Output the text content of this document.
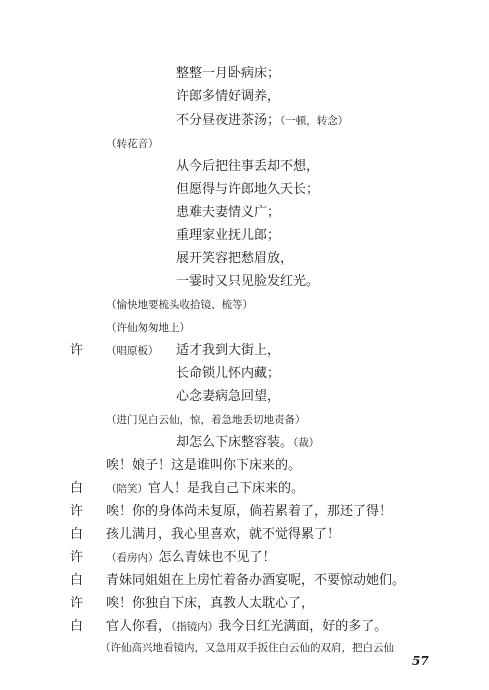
整整一月卧病床；
许郎多情好调养，
不分昼夜进茶汤；（一顿，转念）
（转花音）
从今后把往事丢却不想，
但愿得与许郎地久天长；
患难夫妻情义广；
重理家业抚儿郎；
展开笑容把愁眉放，
一霎时又只见脸发红光。
（愉快地要梳头收拾镜、梳等）
（许仙匆匆地上）
许 （唱原板） 适才我到大街上，
长命锁儿怀内藏；
心念妻病急回望，
（进门见白云仙，惊，着急地丢切地责备）
却怎么下床整容装。（裁）
唉！娘子！这是谁叫你下床来的。
白 （陪笑）官人！是我自己下床来的。
许 唉！你的身体尚未复原，倘若累着了，那还了得！
白 孩儿满月，我心里喜欢，就不觉得累了！
许 （看房内）怎么青妹也不见了！
白 青妹同姐姐在上房忙着备办酒宴呢，不要惊动她们。
许 唉！你独自下床，真教人太耽心了，
白 官人你看，（指镜内）我今日红光满面，好的多了。
（许仙高兴地看镜内，又急用双手扳住白云仙的双肩，把白云仙
57
